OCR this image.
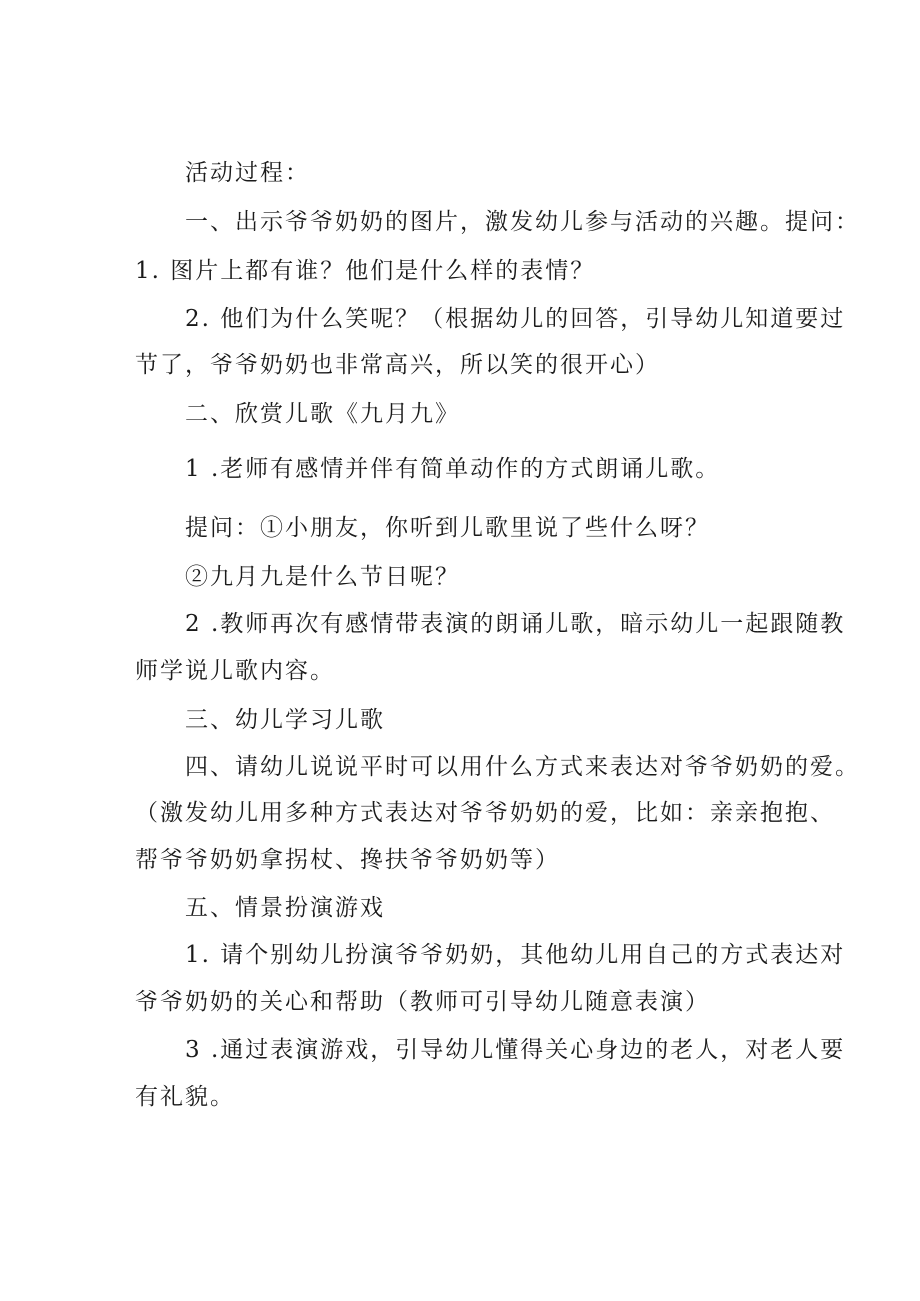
活动过程：
一、出示爷爷奶奶的图片，激发幼儿参与活动的兴趣。提问：
1. 图片上都有谁？他们是什么样的表情？
2. 他们为什么笑呢？（根据幼儿的回答，引导幼儿知道要过
节了，爷爷奶奶也非常高兴，所以笑的很开心）
二、欣赏儿歌《九月九》
1 .老师有感情并伴有简单动作的方式朗诵儿歌。
提问：①小朋友，你听到儿歌里说了些什么呀？
②九月九是什么节日呢？
2 .教师再次有感情带表演的朗诵儿歌，暗示幼儿一起跟随教
师学说儿歌内容。
三、幼儿学习儿歌
四、请幼儿说说平时可以用什么方式来表达对爷爷奶奶的爱。
（激发幼儿用多种方式表达对爷爷奶奶的爱，比如：亲亲抱抱、
帮爷爷奶奶拿拐杖、搀扶爷爷奶奶等）
五、情景扮演游戏
1. 请个别幼儿扮演爷爷奶奶，其他幼儿用自己的方式表达对
爷爷奶奶的关心和帮助（教师可引导幼儿随意表演）
3 .通过表演游戏，引导幼儿懂得关心身边的老人，对老人要
有礼貌。
